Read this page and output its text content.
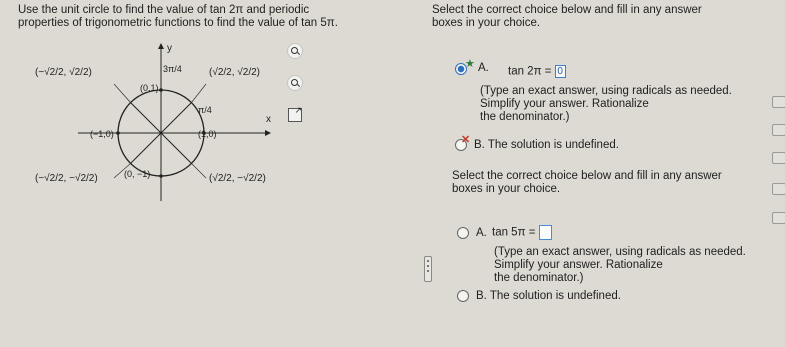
Use the unit circle to find the value of tan 2π and periodic
properties of trigonometric functions to find the value of tan 5π.
y
x
(−√2/2, √2/2)
(0,1)
3π/4	(√2/2, √2/2)
π/4
(−1,0)	(1,0)
(−√2/2, −√2/2)	(0, −1)	(√2/2, −√2/2)
↗
Select the correct choice below and fill in any answer
boxes in your choice.
★ A. tan 2π = 0
(Type an exact answer, using radicals as needed.
Simplify your answer. Rationalize
the denominator.)
✕ B. The solution is undefined.
Select the correct choice below and fill in any answer
boxes in your choice.
A. tan 5π =
(Type an exact answer, using radicals as needed.
Simplify your answer. Rationalize
the denominator.)
B. The solution is undefined.
